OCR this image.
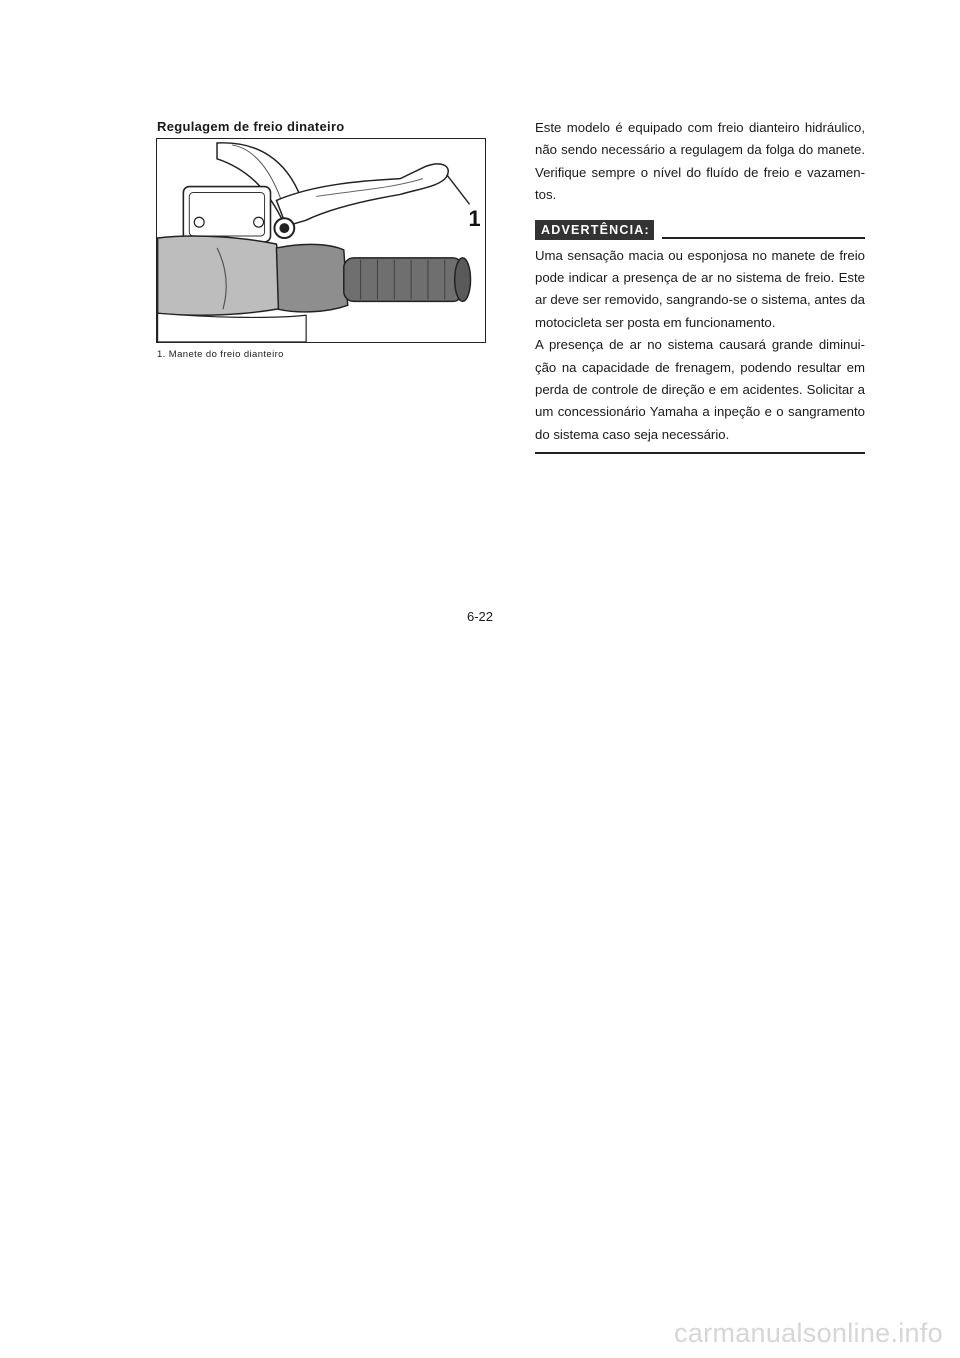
Regulagem de freio dinateiro
1
1. Manete do freio dianteiro

Este modelo é equipado com freio dianteiro hidráulico, não sendo necessário a regulagem da folga do manete. Verifique sempre o nível do fluído de freio e vazamen-tos.

ADVERTÊNCIA:

Uma sensação macia ou esponjosa no manete de freio pode indicar a presença de ar no sistema de freio. Este ar deve ser removido, sangrando-se o sistema, antes da motocicleta ser posta em funcionamento.

A presença de ar no sistema causará grande diminui-ção na capacidade de frenagem, podendo resultar em perda de controle de direção e em acidentes. Solicitar a um concessionário Yamaha a inpeção e o sangramento do sistema caso seja necessário.

6-22
carmanualsonline.info
